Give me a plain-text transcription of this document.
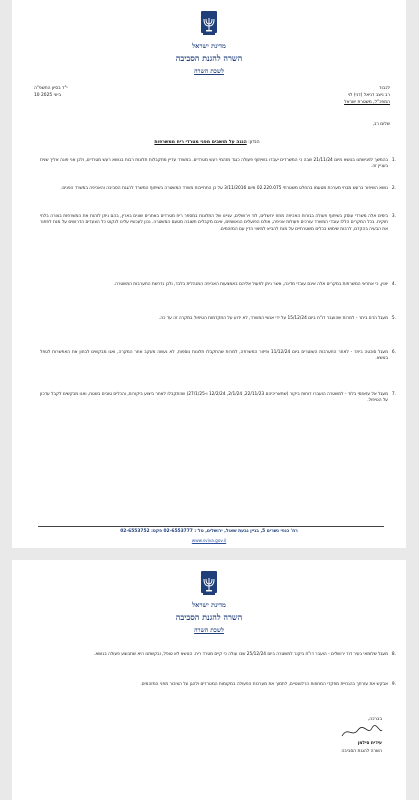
מדינת ישראל
השרה להגנת הסביבה
לשכת השרה
י"ד בסיון התשפ"ה
10 ביוני 2025
לכבוד
רב ניצב דניאל (דני) לוי
המפכ"ל, משטרת ישראל
שלום רב,
הנדון: הגנה על תושבים מפני מטרדי ריח ממשרפות
1.
בהמשך לפגישתנו בנושא מיום 21/11/24 שבה כי המשרדים יעבדו בשיתוף פעולה כנגד מזהמי רעש מטרדים. במשרד עדיין מתקבלות תלונות רבות בנושא רעש מטרדים, ולכן אני פונה אליך שנית בעניין זה.
2.
נושא השיפור ברעש מבחי מערכת מטעמו בהחלט משטרתי 02.220.075 מיום 3/11/2016 על כן התחייבות משרד המשטרה בשיתוף המשרד להגנת הסביבה והאכיפה במשרד הפנים.
3.
בימים אלה משרדי עוסק בשיתוף פעולה בגזרות האכיפה מחוז ירושלים, לוד וירושלים, עניינו של התלונות במספר ריח מטרדים באתרים שונים בארץ, בהם ניתן לזהות את המשרפות בצורה בלתי חוקית. בכל המקרים הללו עובדי המשרד עורכים פעולות אכיפה, אולם הפועלים הנאשמים, אינם מקבלים תשובה מטעם המשטרה. נכון לעכשיו עלינו לנקוט כל הצעדים הדרושים על מנת לפתור את הבעיה בהקדם, לרבות שימוש בכלים משטרתיים על מנת להביא למיצוי הדין עם המזהמים.
4.
יצוין, כי אחראי המשרפות במקרים אלה אינם עובדי מדינה, אשר ניתן לפעול אליהם באמצעות האכיפה המנהלית בלבד, ולכן נדרשת התערבות המשטרה.
5.
מעגל הדם ביתר - למרות שהועבר דו"ח ביום 15/12/24 על ידי אנשי המשרד, לא ידוע על התקדמות הטיפול במקרה זה עד כה.
6.
מעגל סוכטה ביתר - לאחר התערבות השוטרים ביום 11/12/24 ופיזור המשרפה, למרות שהתקבלו תלונות נוספות, לא נעשה מעקב אחר המקרה, ואנו מבקשים לבחון את האפשרות לטפל בנושא.
7.
מעגל אל עזאזמי בלוד - למשטרה הועברו דוחות ביקור (שתאריכיהם 22/11/23, 2/1/24, 12/2/24 ו-27/1/25) שהתקבלו לאחר ביצוע ביקורות, והכלים טובים בשטח, ואנו מבקשים לקבל עדכון על הטיפול.
רח' כנפי נשרים 5, בניין גבעת שאול, ירושלים, טל׳: 02-6553777 פקס: 02-6553752
www.sviva.gov.il
מדינת ישראל
השרה להגנת הסביבה
לשכת השרה
8.
מעגל שלומאי בעיר דוד ירושלים - הועבר דו"ח ביקור למשטרה ביום 25/12/24 שבו עולה כי קיים מטרד ריח. הנושא לא טופל, ובקשתנו היא שתבוצע פעולה בנושא.
9.
אבקש את עזרתך בהנחיית מפקדי המחוזות הרלוונטיים, לתמוך את מערכות הפעולה במקומות המטרדים ולהגן על הציבור מפני המזהמים.
בברכה,
עידית סילמן
השרה להגנת הסביבה
